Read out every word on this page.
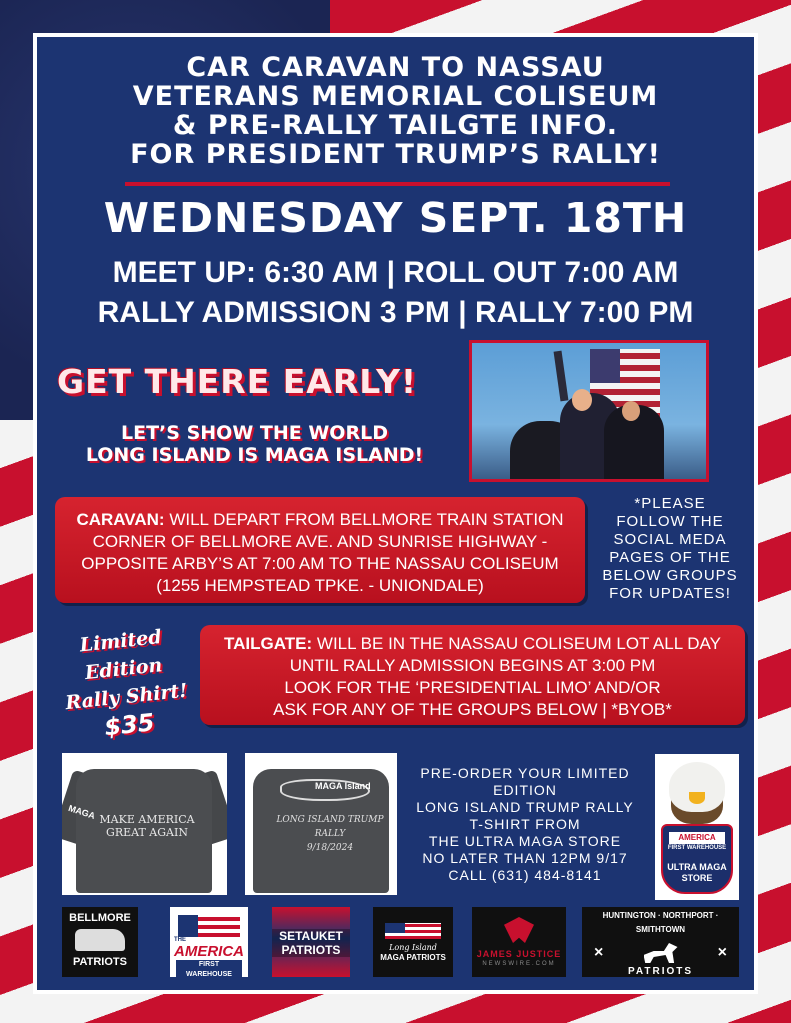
CAR CARAVAN TO NASSAU
VETERANS MEMORIAL COLISEUM
& PRE-RALLY TAILGTE INFO.
FOR PRESIDENT TRUMP’S RALLY!
WEDNESDAY SEPT. 18TH
MEET UP: 6:30 AM | ROLL OUT 7:00 AM
RALLY ADMISSION 3 PM | RALLY 7:00 PM
GET THERE EARLY!
LET’S SHOW THE WORLD
LONG ISLAND IS MAGA ISLAND!
CARAVAN: WILL DEPART FROM BELLMORE TRAIN STATION
CORNER OF BELLMORE AVE. AND SUNRISE HIGHWAY -
OPPOSITE ARBY’S AT 7:00 AM TO THE NASSAU COLISEUM
(1255 HEMPSTEAD TPKE. - UNIONDALE)
*PLEASE
FOLLOW THE
SOCIAL MEDA
PAGES OF THE
BELOW GROUPS
FOR UPDATES!
Limited
Edition
Rally Shirt!
$35
TAILGATE: WILL BE IN THE NASSAU COLISEUM LOT ALL DAY
UNTIL RALLY ADMISSION BEGINS AT 3:00 PM
LOOK FOR THE ‘PRESIDENTIAL LIMO’ AND/OR
ASK FOR ANY OF THE GROUPS BELOW | *BYOB*
MAGA MAKE AMERICA
GREAT AGAIN
MAGA Island
LONG ISLAND TRUMP RALLY
9/18/2024
PRE-ORDER YOUR LIMITED
EDITION
LONG ISLAND TRUMP RALLY
T-SHIRT FROM
THE ULTRA MAGA STORE
NO LATER THAN 12PM 9/17
CALL (631) 484-8141
AMERICA
FIRST WAREHOUSE
ULTRA MAGA
STORE
BELLMORE
PATRIOTS
THE
AMERICA
FIRST WAREHOUSE
SETAUKET
PATRIOTS	Long Island
MAGA PATRIOTS	JAMES JUSTICE
NEWSWIRE.COM
HUNTINGTON · NORTHPORT · SMITHTOWN
×	×
PATRIOTS
